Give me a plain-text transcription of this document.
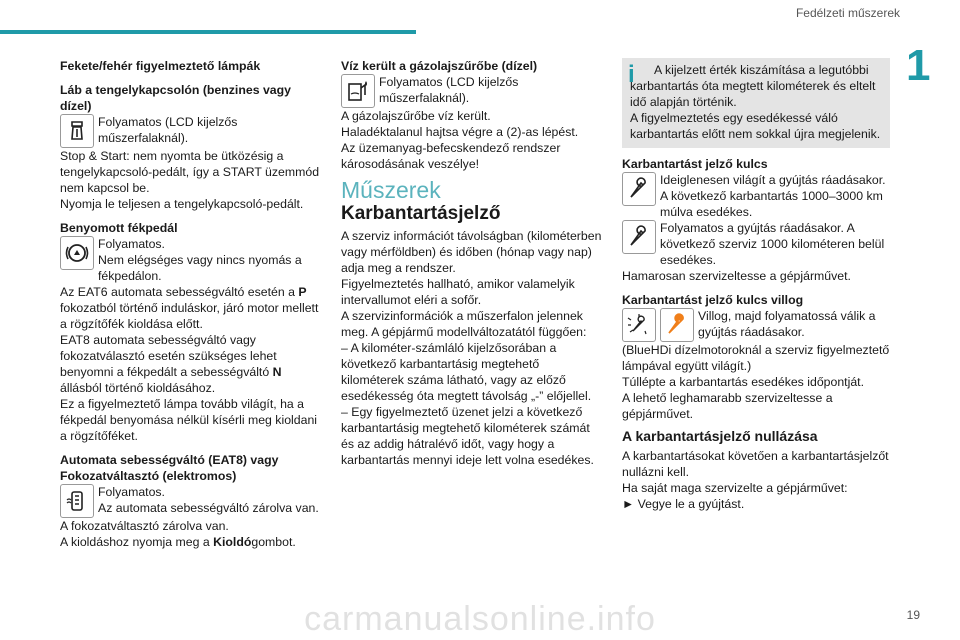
Fedélzeti műszerek
1

Fekete/fehér figyelmeztető lámpák

Láb a tengelykapcsolón (benzines vagy dízel)

Folyamatos (LCD kijelzős műszerfalaknál).

Stop & Start: nem nyomta be ütközésig a tengelykapcsoló-pedált, így a START üzemmód nem kapcsol be.

Nyomja le teljesen a tengelykapcsoló-pedált.

Benyomott fékpedál

Folyamatos.

Nem elégséges vagy nincs nyomás a fékpedálon.

Az EAT6 automata sebességváltó esetén a P fokozatból történő induláskor, járó motor mellett a rögzítőfék kioldása előtt.

EAT8 automata sebességváltó vagy fokozatválasztó esetén szükséges lehet benyomni a fékpedált a sebességváltó N állásból történő kioldásához.

Ez a figyelmeztető lámpa tovább világít, ha a fékpedál benyomása nélkül kísérli meg kioldani a rögzítőféket.

Automata sebességváltó (EAT8) vagy Fokozatváltasztó (elektromos)

Folyamatos.

Az automata sebességváltó zárolva van.

A fokozatváltasztó zárolva van.

A kioldáshoz nyomja meg a Kioldógombot.

Víz került a gázolajszűrőbe (dízel)

Folyamatos (LCD kijelzős műszerfalaknál).

A gázolajszűrőbe víz került.

Haladéktalanul hajtsa végre a (2)-as lépést.

Az üzemanyag-befecskendező rendszer károsodásának veszélye!

Műszerek
Karbantartásjelző

A szerviz információt távolságban (kilométerben vagy mérföldben) és időben (hónap vagy nap) adja meg a rendszer.

Figyelmeztetés hallható, amikor valamelyik intervallumot eléri a sofőr.

A szervizinformációk a műszerfalon jelennek meg. A gépjármű modellváltozatától függően:

– A kilométer-számláló kijelzősorában a következő karbantartásig megtehető kilométerek száma látható, vagy az előző esedékesség óta megtett távolság „-” előjellel.

– Egy figyelmeztető üzenet jelzi a következő karbantartásig megtehető kilométerek számát és az addig hátralévő időt, vagy hogy a karbantartás mennyi ideje lett volna esedékes.

i	A kijelzett érték kiszámítása a legutóbbi karbantartás óta megtett kilométerek és eltelt idő alapján történik.

A figyelmeztetés egy esedékessé váló karbantartás előtt nem sokkal újra megjelenik.

Karbantartást jelző kulcs

Ideiglenesen világít a gyújtás ráadásakor. A következő karbantartás 1000–3000 km múlva esedékes.

Folyamatos a gyújtás ráadásakor. A következő szerviz 1000 kilométeren belül esedékes.

Hamarosan szervizeltesse a gépjárművet.

Karbantartást jelző kulcs villog

Villog, majd folyamatossá válik a gyújtás ráadásakor.

(BlueHDi dízelmotoroknál a szerviz figyelmeztető lámpával együtt világít.)

Túllépte a karbantartás esedékes időpontját.

A lehető leghamarabb szervizeltesse a gépjárművet.

A karbantartásjelző nullázása

A karbantartásokat követően a karbantartásjelzőt nullázni kell.

Ha saját maga szervizelte a gépjárművet:

► Vegye le a gyújtást.

carmanualsonline.info	19
